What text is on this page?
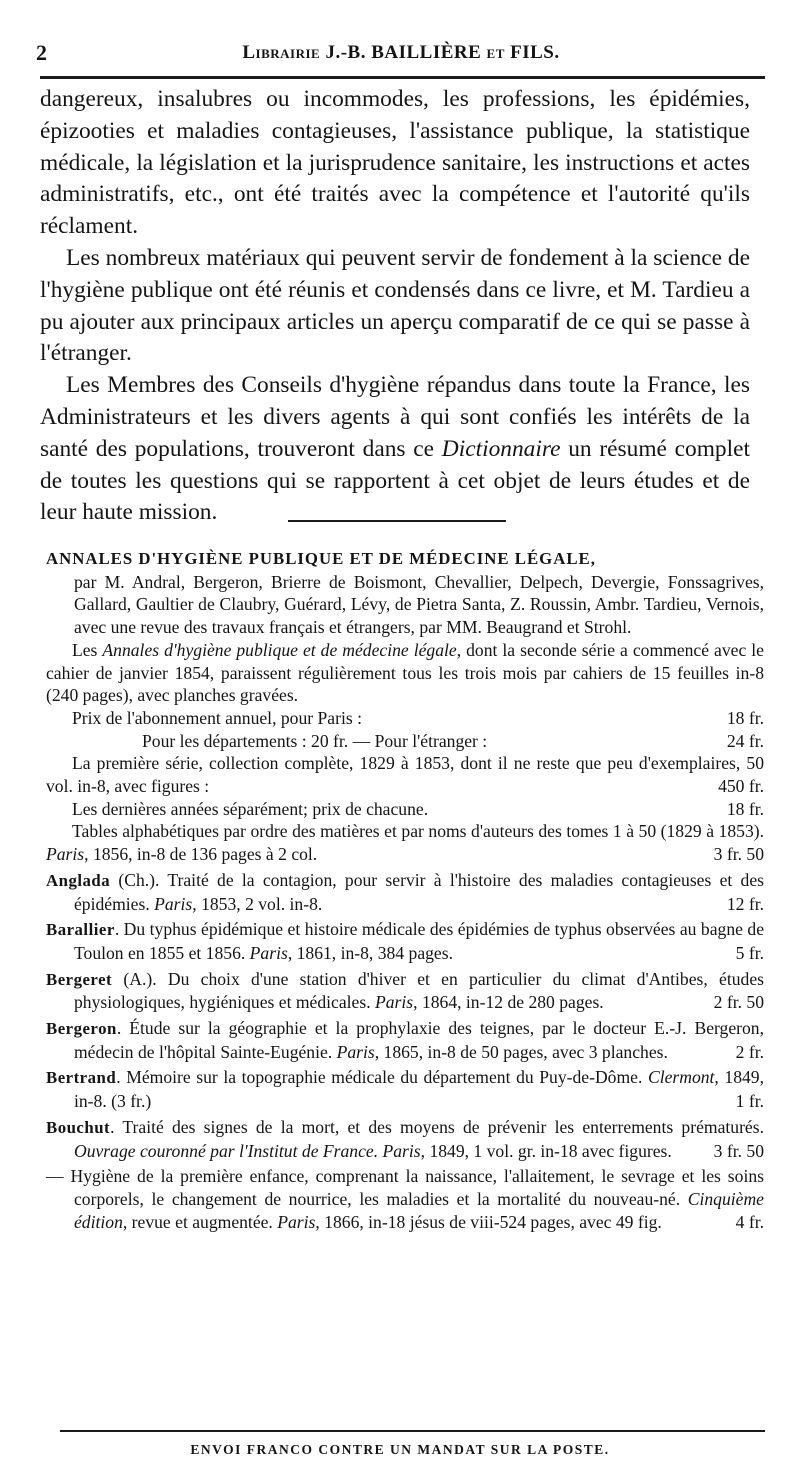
2	Librairie J.-B. BAILLIÈRE et FILS.

dangereux, insalubres ou incommodes, les professions, les épidémies, épizooties et maladies contagieuses, l'assistance publique, la statistique médicale, la législation et la jurisprudence sanitaire, les instructions et actes administratifs, etc., ont été traités avec la compétence et l'autorité qu'ils réclament.

Les nombreux matériaux qui peuvent servir de fondement à la science de l'hygiène publique ont été réunis et condensés dans ce livre, et M. Tardieu a pu ajouter aux principaux articles un aperçu comparatif de ce qui se passe à l'étranger.

Les Membres des Conseils d'hygiène répandus dans toute la France, les Administrateurs et les divers agents à qui sont confiés les intérêts de la santé des populations, trouveront dans ce Dictionnaire un résumé complet de toutes les questions qui se rapportent à cet objet de leurs études et de leur haute mission.

ANNALES D'HYGIÈNE PUBLIQUE ET DE MÉDECINE LÉGALE,

par M. Andral, Bergeron, Brierre de Boismont, Chevallier, Delpech, Devergie, Fonssagrives, Gallard, Gaultier de Claubry, Guérard, Lévy, de Pietra Santa, Z. Roussin, Ambr. Tardieu, Vernois, avec une revue des travaux français et étrangers, par MM. Beaugrand et Strohl.

Les Annales d'hygiène publique et de médecine légale, dont la seconde série a commencé avec le cahier de janvier 1854, paraissent régulièrement tous les trois mois par cahiers de 15 feuilles in-8 (240 pages), avec planches gravées.

Prix de l'abonnement annuel, pour Paris :	18 fr.
Pour les départements : 20 fr. — Pour l'étranger :	24 fr.

La première série, collection complète, 1829 à 1853, dont il ne reste que peu d'exemplaires, 50 vol. in-8, avec figures :	450 fr.

Les dernières années séparément; prix de chacune.	18 fr.

Tables alphabétiques par ordre des matières et par noms d'auteurs des tomes 1 à 50 (1829 à 1853). Paris, 1856, in-8 de 136 pages à 2 col.	3 fr. 50

Anglada (Ch.). Traité de la contagion, pour servir à l'histoire des maladies contagieuses et des épidémies. Paris, 1853, 2 vol. in-8.	12 fr.

Barallier. Du typhus épidémique et histoire médicale des épidémies de typhus observées au bagne de Toulon en 1855 et 1856. Paris, 1861, in-8, 384 pages.	5 fr.

Bergeret (A.). Du choix d'une station d'hiver et en particulier du climat d'Antibes, études physiologiques, hygiéniques et médicales. Paris, 1864, in-12 de 280 pages.	2 fr. 50

Bergeron. Étude sur la géographie et la prophylaxie des teignes, par le docteur E.-J. Bergeron, médecin de l'hôpital Sainte-Eugénie. Paris, 1865, in-8 de 50 pages, avec 3 planches.	2 fr.

Bertrand. Mémoire sur la topographie médicale du département du Puy-de-Dôme. Clermont, 1849, in-8. (3 fr.)	1 fr.

Bouchut. Traité des signes de la mort, et des moyens de prévenir les enterrements prématurés. Ouvrage couronné par l'Institut de France. Paris, 1849, 1 vol. gr. in-18 avec figures. 3 fr. 50

— Hygiène de la première enfance, comprenant la naissance, l'allaitement, le sevrage et les soins corporels, le changement de nourrice, les maladies et la mortalité du nouveau-né. Cinquième édition, revue et augmentée. Paris, 1866, in-18 jésus de viii-524 pages, avec 49 fig.	4 fr.

ENVOI FRANCO CONTRE UN MANDAT SUR LA POSTE.
